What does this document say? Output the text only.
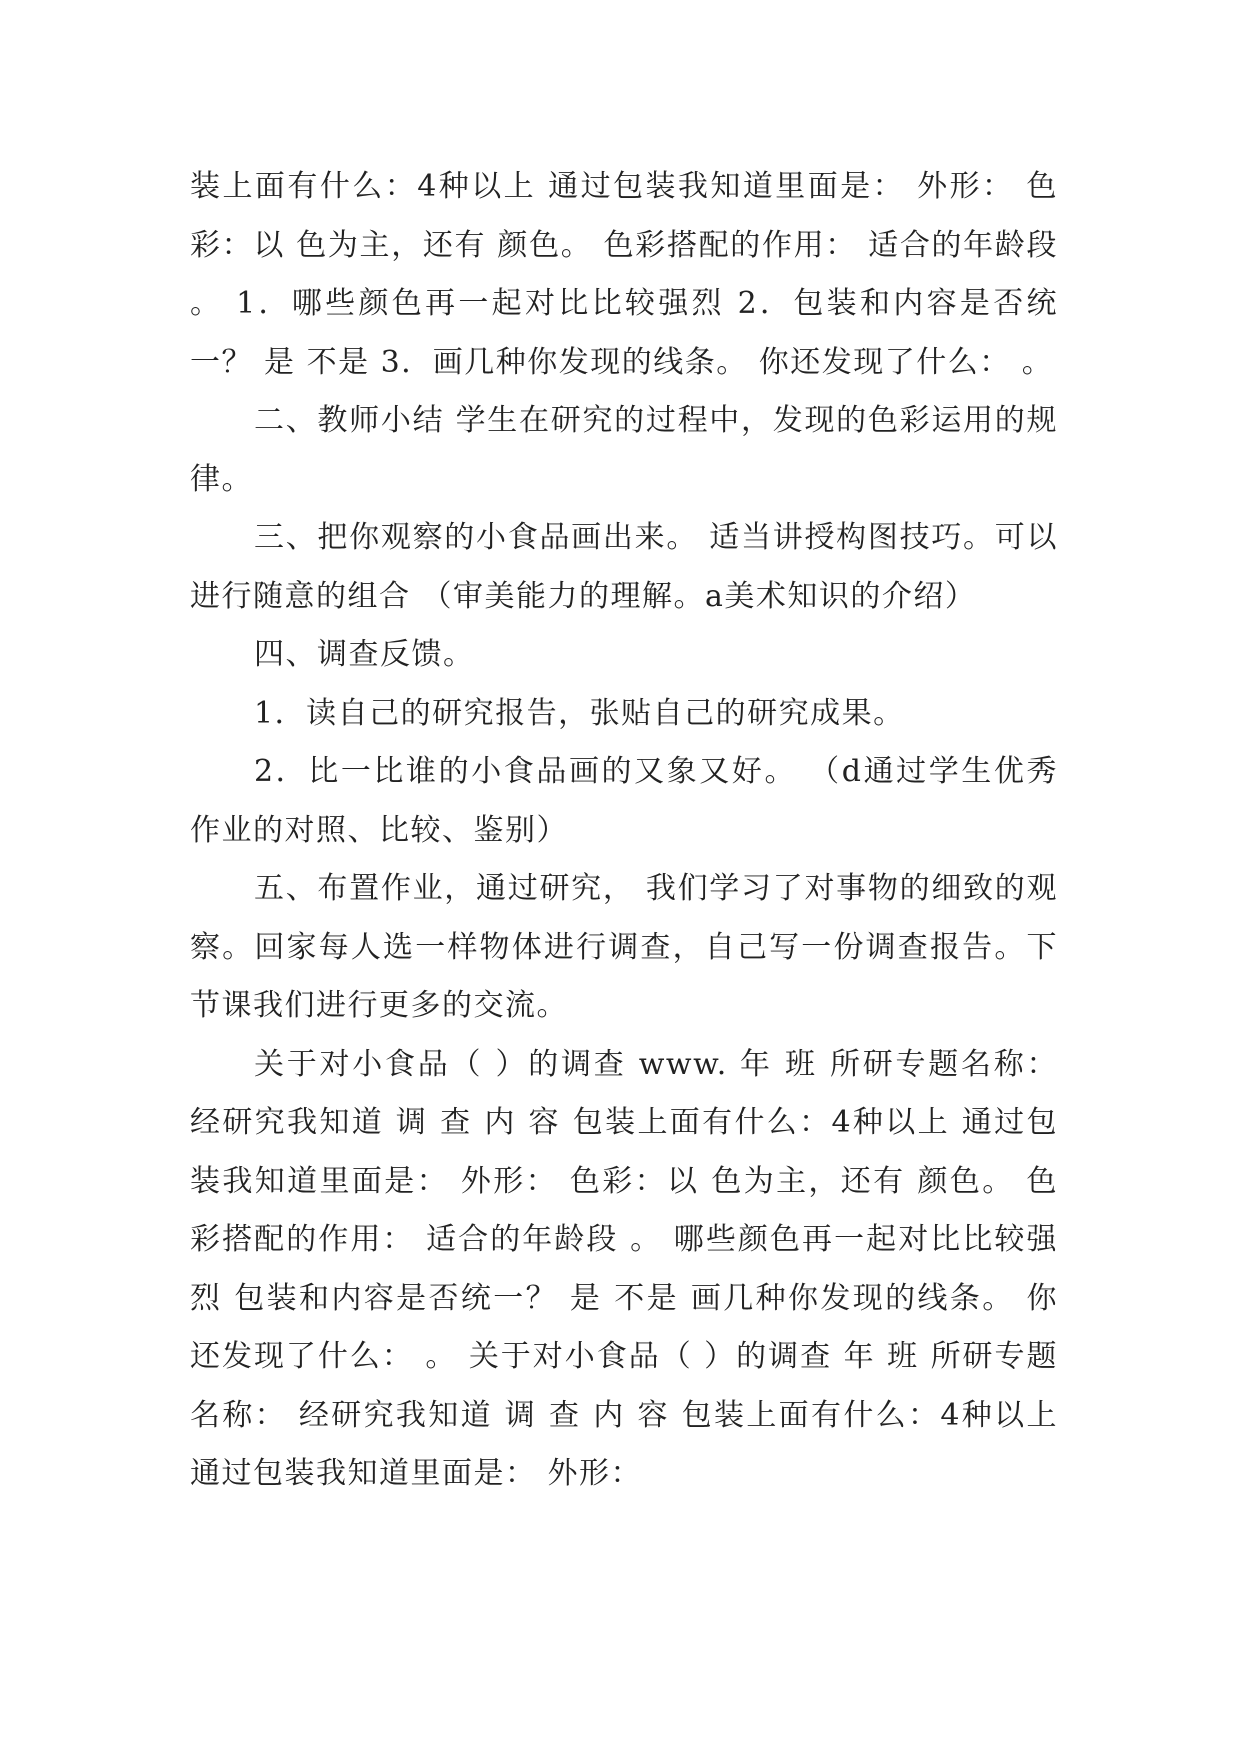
装上面有什么：4种以上 通过包装我知道里面是： 外形： 色彩：以 色为主，还有 颜色。 色彩搭配的作用： 适合的年龄段 。 1．哪些颜色再一起对比比较强烈 2．包装和内容是否统一？ 是 不是 3．画几种你发现的线条。 你还发现了什么： 。

二、教师小结 学生在研究的过程中，发现的色彩运用的规律。

三、把你观察的小食品画出来。 适当讲授构图技巧。可以进行随意的组合 （审美能力的理解。a美术知识的介绍）

四、调查反馈。

1．读自己的研究报告，张贴自己的研究成果。

2．比一比谁的小食品画的又象又好。 （d通过学生优秀作业的对照、比较、鉴别）

五、布置作业，通过研究， 我们学习了对事物的细致的观察。回家每人选一样物体进行调查，自己写一份调查报告。下节课我们进行更多的交流。

关于对小食品（ ）的调查 www. 年 班 所研专题名称： 经研究我知道 调 查 内 容 包装上面有什么：4种以上 通过包装我知道里面是： 外形： 色彩：以 色为主，还有 颜色。 色彩搭配的作用： 适合的年龄段 。 哪些颜色再一起对比比较强烈 包装和内容是否统一？ 是 不是 画几种你发现的线条。 你还发现了什么： 。 关于对小食品（ ）的调查 年 班 所研专题名称： 经研究我知道 调 查 内 容 包装上面有什么：4种以上 通过包装我知道里面是： 外形：
